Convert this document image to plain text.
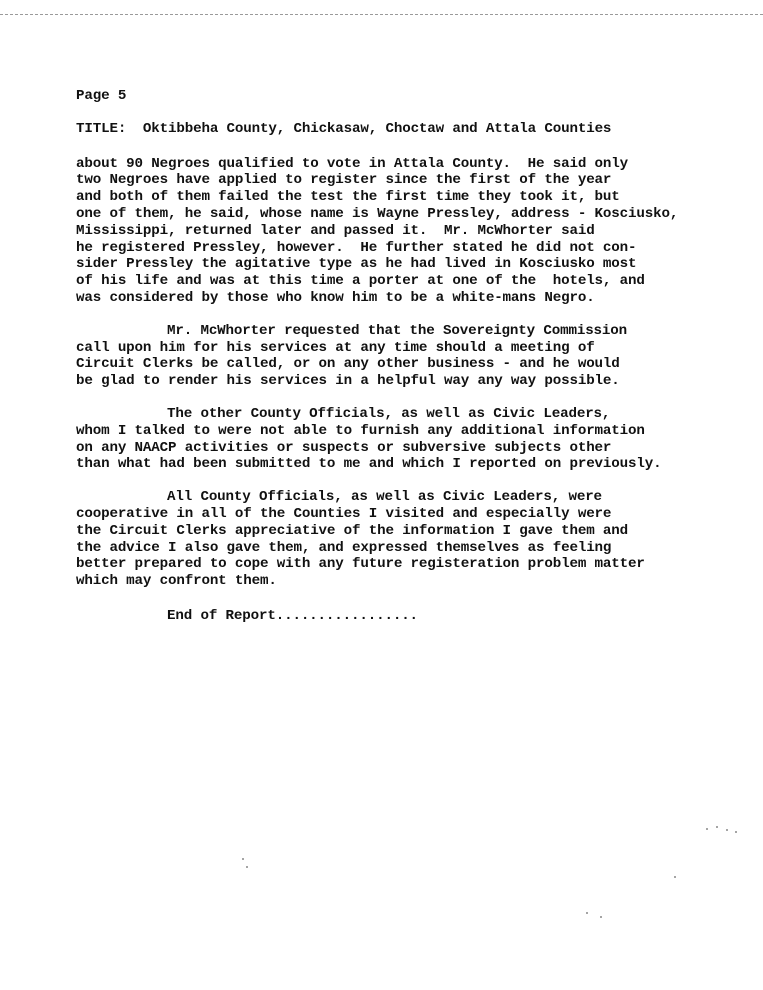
Page 5
TITLE: Oktibbeha County, Chickasaw, Choctaw and Attala Counties
about 90 Negroes qualified to vote in Attala County.  He said only
two Negroes have applied to register since the first of the year
and both of them failed the test the first time they took it, but
one of them, he said, whose name is Wayne Pressley, address - Kosciusko,
Mississippi, returned later and passed it.  Mr. McWhorter said
he registered Pressley, however.  He further stated he did not con-
sider Pressley the agitative type as he had lived in Kosciusko most
of his life and was at this time a porter at one of the  hotels, and
was considered by those who know him to be a white-mans Negro.
Mr. McWhorter requested that the Sovereignty Commission
call upon him for his services at any time should a meeting of
Circuit Clerks be called, or on any other business - and he would
be glad to render his services in a helpful way any way possible.
The other County Officials, as well as Civic Leaders,
whom I talked to were not able to furnish any additional information
on any NAACP activities or suspects or subversive subjects other
than what had been submitted to me and which I reported on previously.
All County Officials, as well as Civic Leaders, were
cooperative in all of the Counties I visited and especially were
the Circuit Clerks appreciative of the information I gave them and
the advice I also gave them, and expressed themselves as feeling
better prepared to cope with any future registeration problem matter
which may confront them.
End of Report.................
